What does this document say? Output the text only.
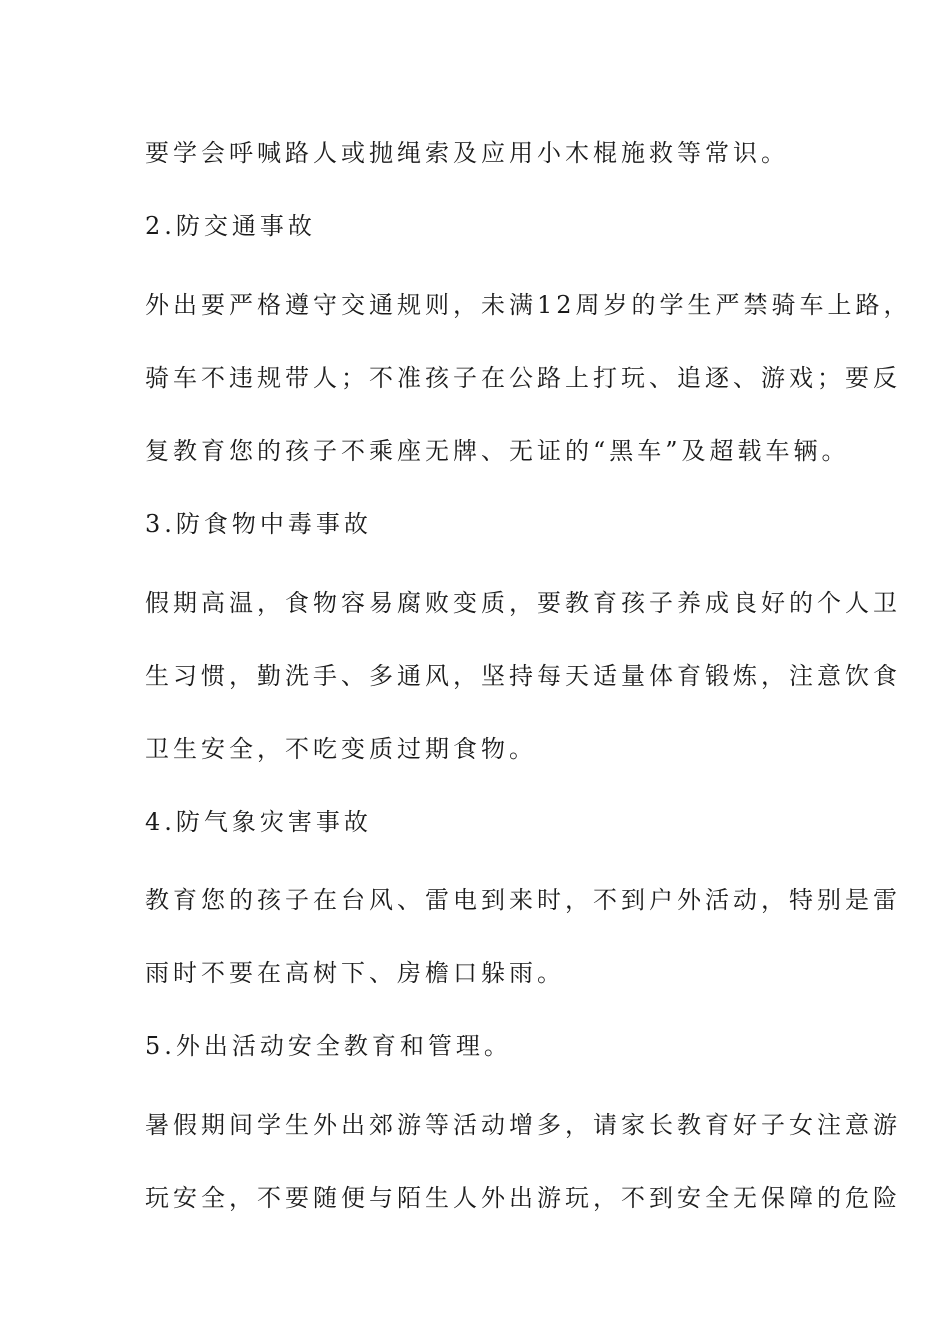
要学会呼喊路人或抛绳索及应用小木棍施救等常识。
2.防交通事故
外出要严格遵守交通规则，未满12周岁的学生严禁骑车上路，
骑车不违规带人；不准孩子在公路上打玩、追逐、游戏；要反
复教育您的孩子不乘座无牌、无证的“黑车”及超载车辆。
3.防食物中毒事故
假期高温，食物容易腐败变质，要教育孩子养成良好的个人卫
生习惯，勤洗手、多通风，坚持每天适量体育锻炼，注意饮食
卫生安全，不吃变质过期食物。
4.防气象灾害事故
教育您的孩子在台风、雷电到来时，不到户外活动，特别是雷
雨时不要在高树下、房檐口躲雨。
5.外出活动安全教育和管理。
暑假期间学生外出郊游等活动增多，请家长教育好子女注意游
玩安全，不要随便与陌生人外出游玩，不到安全无保障的危险
